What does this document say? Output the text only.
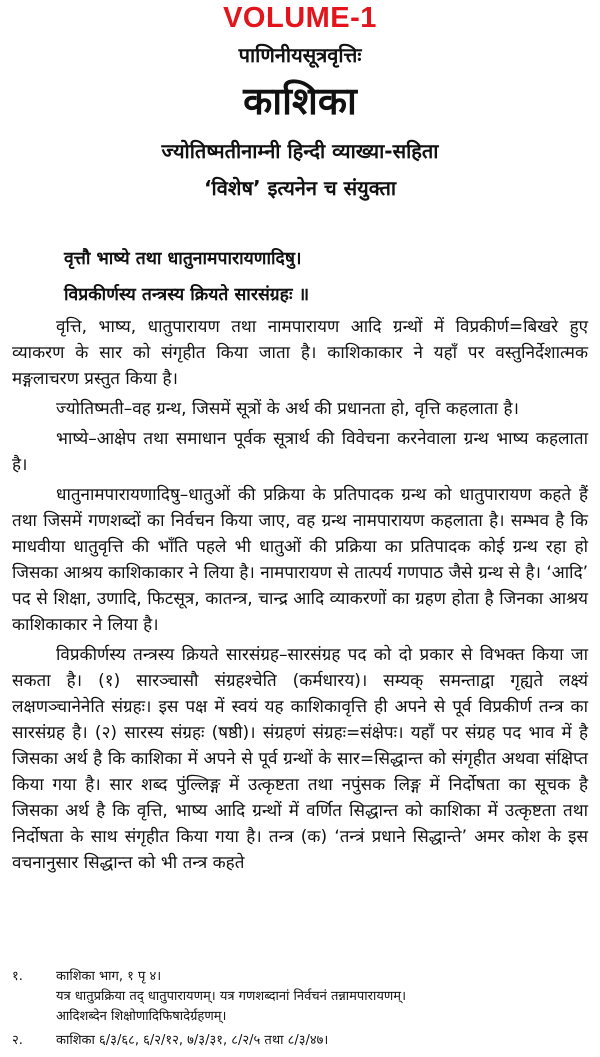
VOLUME-1
पाणिनीयसूत्रवृत्तिः
काशिका
ज्योतिष्मतीनाम्नी हिन्दी व्याख्या-सहिता
‘विशेष’ इत्यनेन च संयुक्ता
वृत्तौ भाष्ये तथा धातुनामपारायणादिषु।
विप्रकीर्णस्य तन्त्रस्य क्रियते सारसंग्रहः ॥

वृत्ति, भाष्य, धातुपारायण तथा नामपारायण आदि ग्रन्थों में विप्रकीर्ण=बिखरे हुए व्याकरण के सार को संगृहीत किया जाता है। काशिकाकार ने यहाँ पर वस्तुनिर्देशात्मक मङ्गलाचरण प्रस्तुत किया है।

ज्योतिष्मती–वह ग्रन्थ, जिसमें सूत्रों के अर्थ की प्रधानता हो, वृत्ति कहलाता है।

भाष्ये–आक्षेप तथा समाधान पूर्वक सूत्रार्थ की विवेचना करनेवाला ग्रन्थ भाष्य कहलाता है।

धातुनामपारायणादिषु–धातुओं की प्रक्रिया के प्रतिपादक ग्रन्थ को धातुपारायण कहते हैं तथा जिसमें गणशब्दों का निर्वचन किया जाए, वह ग्रन्थ नामपारायण कहलाता है। सम्भव है कि माधवीया धातुवृत्ति की भाँति पहले भी धातुओं की प्रक्रिया का प्रतिपादक कोई ग्रन्थ रहा हो जिसका आश्रय काशिकाकार ने लिया है। नामपारायण से तात्पर्य गणपाठ जैसे ग्रन्थ से है। ‘आदि’ पद से शिक्षा, उणादि, फिटसूत्र, कातन्त्र, चान्द्र आदि व्याकरणों का ग्रहण होता है जिनका आश्रय काशिकाकार ने लिया है।

विप्रकीर्णस्य तन्त्रस्य क्रियते सारसंग्रह–सारसंग्रह पद को दो प्रकार से विभक्त किया जा सकता है। (१) सारञ्चासौ संग्रहश्चेति (कर्मधारय)। सम्यक् समन्ताद्वा गृह्यते लक्ष्यं लक्षणञ्चानेनेति संग्रहः। इस पक्ष में स्वयं यह काशिकावृत्ति ही अपने से पूर्व विप्रकीर्ण तन्त्र का सारसंग्रह है। (२) सारस्य संग्रहः (षष्ठी)। संग्रहणं संग्रहः=संक्षेपः। यहाँ पर संग्रह पद भाव में है जिसका अर्थ है कि काशिका में अपने से पूर्व ग्रन्थों के सार=सिद्धान्त को संगृहीत अथवा संक्षिप्त किया गया है। सार शब्द पुंल्लिङ्ग में उत्कृष्टता तथा नपुंसक लिङ्ग में निर्दोषता का सूचक है जिसका अर्थ है कि वृत्ति, भाष्य आदि ग्रन्थों में वर्णित सिद्धान्त को काशिका में उत्कृष्टता तथा निर्दोषता के साथ संगृहीत किया गया है। तन्त्र (क) ‘तन्त्रं प्रधाने सिद्धान्ते’ अमर कोश के इस वचनानुसार सिद्धान्त को भी तन्त्र कहते

१.	काशिका भाग, १ पृ ४।
यत्र धातुप्रक्रिया तद् धातुपारायणम्। यत्र गणशब्दानां निर्वचनं तन्नामपारायणम्।
आदिशब्देन शिक्षोणादिफिषादेर्ग्रहणम्।
२.	काशिका ६/३/६८, ६/२/१२, ७/३/३१, ८/२/५ तथा ८/३/४७।
